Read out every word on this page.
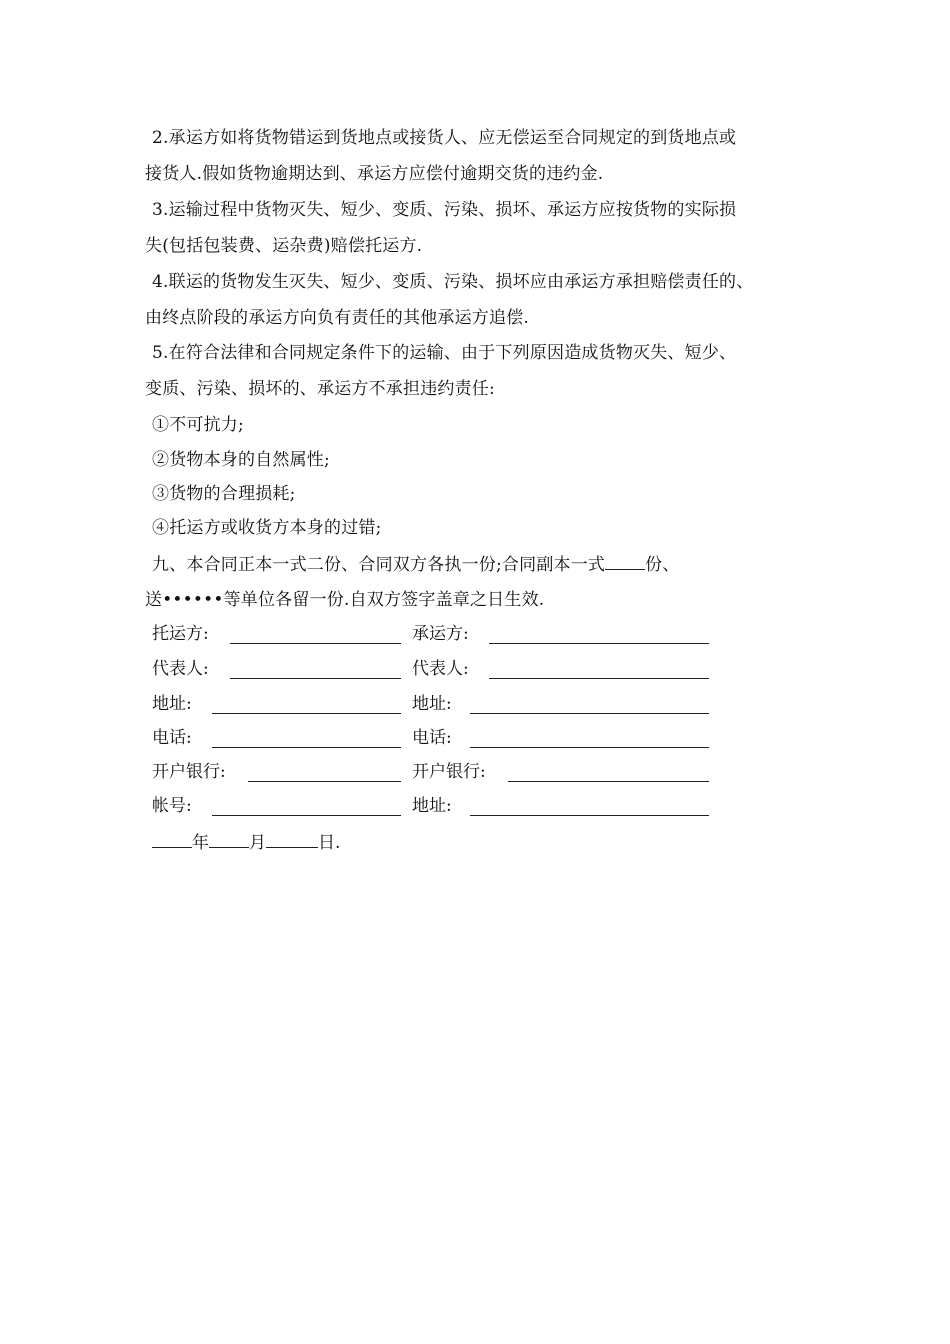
2.承运方如将货物错运到货地点或接货人、应无偿运至合同规定的到货地点或
接货人.假如货物逾期达到、承运方应偿付逾期交货的违约金.
3.运输过程中货物灭失、短少、变质、污染、损坏、承运方应按货物的实际损
失(包括包装费、运杂费)赔偿托运方.
4.联运的货物发生灭失、短少、变质、污染、损坏应由承运方承担赔偿责任的、
由终点阶段的承运方向负有责任的其他承运方追偿.
5.在符合法律和合同规定条件下的运输、由于下列原因造成货物灭失、短少、
变质、污染、损坏的、承运方不承担违约责任:
①不可抗力;
②货物本身的自然属性;
③货物的合理损耗;
④托运方或收货方本身的过错;
九、本合同正本一式二份、合同双方各执一份;合同副本一式 份、
送••••••等单位各留一份.自双方签字盖章之日生效.
托运方:	承运方:
代表人:	代表人:
地址:	地址:
电话:	电话:
开户银行:	开户银行:
帐号:	地址:
年 月	日.
